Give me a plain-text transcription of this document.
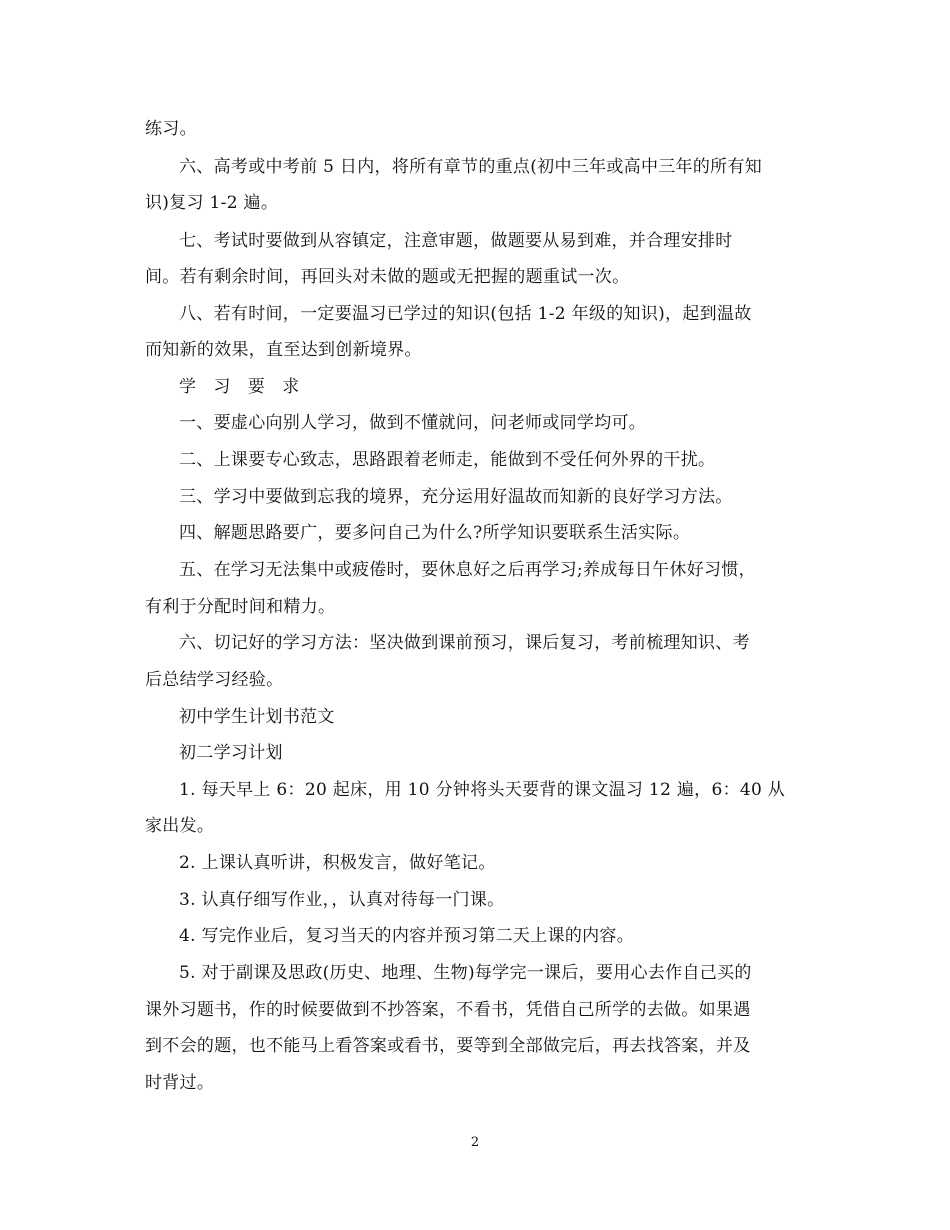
练习。
六、高考或中考前 5 日内，将所有章节的重点(初中三年或高中三年的所有知
识)复习 1-2 遍。
七、考试时要做到从容镇定，注意审题，做题要从易到难，并合理安排时
间。若有剩余时间，再回头对未做的题或无把握的题重试一次。
八、若有时间，一定要温习已学过的知识(包括 1-2 年级的知识)，起到温故
而知新的效果，直至达到创新境界。
学 习 要 求
一、要虚心向别人学习，做到不懂就问，问老师或同学均可。
二、上课要专心致志，思路跟着老师走，能做到不受任何外界的干扰。
三、学习中要做到忘我的境界，充分运用好温故而知新的良好学习方法。
四、解题思路要广，要多问自己为什么?所学知识要联系生活实际。
五、在学习无法集中或疲倦时，要休息好之后再学习;养成每日午休好习惯，
有利于分配时间和精力。
六、切记好的学习方法：坚决做到课前预习，课后复习，考前梳理知识、考
后总结学习经验。
初中学生计划书范文
初二学习计划
1. 每天早上 6：20 起床，用 10 分钟将头天要背的课文温习 12 遍，6：40 从
家出发。
2. 上课认真听讲，积极发言，做好笔记。
3. 认真仔细写作业，，认真对待每一门课。
4. 写完作业后，复习当天的内容并预习第二天上课的内容。
5. 对于副课及思政(历史、地理、生物)每学完一课后，要用心去作自己买的
课外习题书，作的时候要做到不抄答案，不看书，凭借自己所学的去做。如果遇
到不会的题，也不能马上看答案或看书，要等到全部做完后，再去找答案，并及
时背过。
2
